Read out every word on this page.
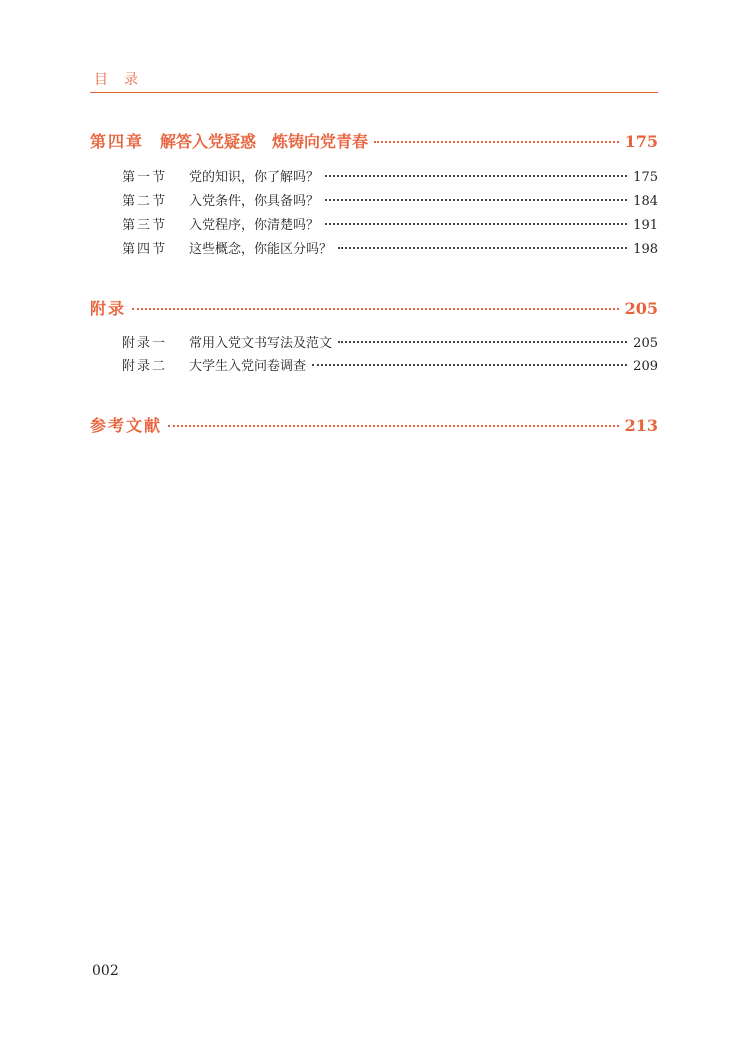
目录
第四章 解答入党疑惑 炼铸向党青春	175
第一节 党的知识，你了解吗？	175
第二节 入党条件，你具备吗？	184
第三节 入党程序，你清楚吗？	191
第四节 这些概念，你能区分吗？	198
附录	205
附录一 常用入党文书写法及范文	205
附录二 大学生入党问卷调查	209
参考文献	213
002
